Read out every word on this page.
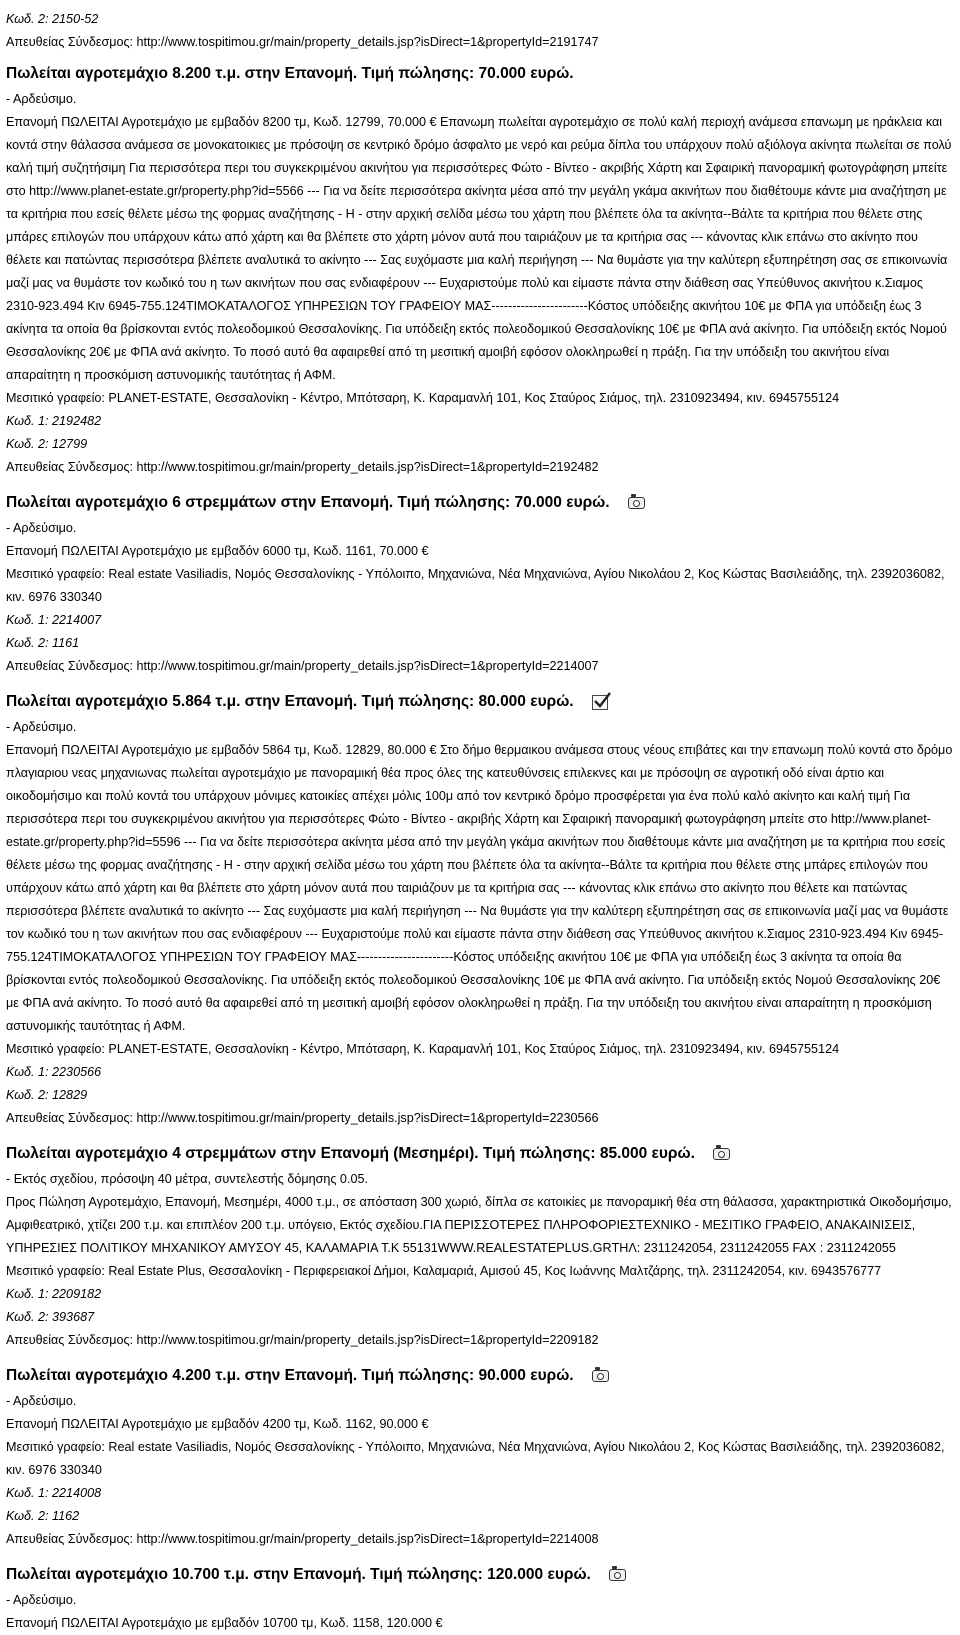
Κωδ. 2: 2150-52
Απευθείας Σύνδεσμος: http://www.tospitimou.gr/main/property_details.jsp?isDirect=1&propertyId=2191747
Πωλείται αγροτεμάχιο 8.200 τ.μ. στην Επανομή. Τιμή πώλησης: 70.000 ευρώ.
- Αρδεύσιμο.
Επανομή ΠΩΛΕΙΤΑΙ Αγροτεμάχιο με εμβαδόν 8200 τμ, Κωδ. 12799, 70.000 € Επανωμη πωλείται αγροτεμάχιο σε πολύ καλή περιοχή ανάμεσα επανωμη με ηράκλεια και κοντά στην θάλασσα ανάμεσα σε μονοκατοικιες με πρόσοψη σε κεντρικό δρόμο άσφαλτο με νερό και ρεύμα δίπλα του υπάρχουν πολύ αξιόλογα ακίνητα πωλείται σε πολύ καλή τιμή συζητήσιμη Για περισσότερα περι του συγκεκριμένου ακινήτου για περισσότερες Φώτο - Βίντεο - ακριβής Χάρτη και Σφαιρική πανοραμική φωτογράφηση μπείτε στο http://www.planet-estate.gr/property.php?id=5566 --- Για να δείτε περισσότερα ακίνητα μέσα από την μεγάλη γκάμα ακινήτων που διαθέτουμε κάντε μια αναζήτηση με τα κριτήρια που εσείς θέλετε μέσω της φορμας αναζήτησης - Η - στην αρχική σελίδα μέσω του χάρτη που βλέπετε όλα τα ακίνητα--Βάλτε τα κριτήρια που θέλετε στης μπάρες επιλογών που υπάρχουν κάτω από χάρτη και θα βλέπετε στο χάρτη μόνον αυτά που ταιριάζουν με τα κριτήρια σας --- κάνοντας κλικ επάνω στο ακίνητο που θέλετε και πατώντας περισσότερα βλέπετε αναλυτικά το ακίνητο --- Σας ευχόμαστε μια καλή περιήγηση --- Να θυμάστε για την καλύτερη εξυπηρέτηση σας σε επικοινωνία μαζί μας να θυμάστε τον κωδικό του η των ακινήτων που σας ενδιαφέρουν --- Ευχαριστούμε πολύ και είμαστε πάντα στην διάθεση σας Υπεύθυνος ακινήτου κ.Σιαμος 2310-923.494 Κιν 6945-755.124ΤΙΜΟΚΑΤΑΛΟΓΟΣ ΥΠΗΡΕΣΙΩΝ ΤΟΥ ΓΡΑΦΕΙΟΥ ΜΑΣ-----------------------Κόστος υπόδειξης ακινήτου 10€ με ΦΠΑ για υπόδειξη έως 3 ακίνητα τα οποία θα βρίσκονται εντός πολεοδομικού Θεσσαλονίκης. Για υπόδειξη εκτός πολεοδομικού Θεσσαλονίκης 10€ με ΦΠΑ ανά ακίνητο. Για υπόδειξη εκτός Νομού Θεσσαλονίκης 20€ με ΦΠΑ ανά ακίνητο. Το ποσό αυτό θα αφαιρεθεί από τη μεσιτική αμοιβή εφόσον ολοκληρωθεί η πράξη. Για την υπόδειξη του ακινήτου είναι απαραίτητη η προσκόμιση αστυνομικής ταυτότητας ή ΑΦΜ.
Μεσιτικό γραφείο: PLANET-ESTATE, Θεσσαλονίκη - Κέντρο, Μπότσαρη, Κ. Καραμανλή 101, Κος Σταύρος Σιάμος, τηλ. 2310923494, κιν. 6945755124
Κωδ. 1: 2192482
Κωδ. 2: 12799
Απευθείας Σύνδεσμος: http://www.tospitimou.gr/main/property_details.jsp?isDirect=1&propertyId=2192482
Πωλείται αγροτεμάχιο 6 στρεμμάτων στην Επανομή. Τιμή πώλησης: 70.000 ευρώ.
- Αρδεύσιμο.
Επανομή ΠΩΛΕΙΤΑΙ Αγροτεμάχιο με εμβαδόν 6000 τμ, Κωδ. 1161, 70.000 €
Μεσιτικό γραφείο: Real estate Vasiliadis, Νομός Θεσσαλονίκης - Υπόλοιπο, Μηχανιώνα, Νέα Μηχανιώνα, Αγίου Νικολάου 2, Κος Κώστας Βασιλειάδης, τηλ. 2392036082, κιν. 6976 330340
Κωδ. 1: 2214007
Κωδ. 2: 1161
Απευθείας Σύνδεσμος: http://www.tospitimou.gr/main/property_details.jsp?isDirect=1&propertyId=2214007
Πωλείται αγροτεμάχιο 5.864 τ.μ. στην Επανομή. Τιμή πώλησης: 80.000 ευρώ.
- Αρδεύσιμο.
Επανομή ΠΩΛΕΙΤΑΙ Αγροτεμάχιο με εμβαδόν 5864 τμ, Κωδ. 12829, 80.000 € Στο δήμο θερμαικου ανάμεσα στους νέους επιβάτες και την επανωμη πολύ κοντά στο δρόμο πλαγιαριου νεας μηχανιωνας πωλείται αγροτεμάχιο με πανοραμική θέα προς όλες της κατευθύνσεις επιλεκνες και με πρόσοψη σε αγροτική οδό είναι άρτιο και οικοδομήσιμο και πολύ κοντά του υπάρχουν μόνιμες κατοικίες απέχει μόλις 100μ από τον κεντρικό δρόμο προσφέρεται για ένα πολύ καλό ακίνητο και καλή τιμή Για περισσότερα περι του συγκεκριμένου ακινήτου για περισσότερες Φώτο - Βίντεο - ακριβής Χάρτη και Σφαιρική πανοραμική φωτογράφηση μπείτε στο http://www.planet-estate.gr/property.php?id=5596 --- Για να δείτε περισσότερα ακίνητα μέσα από την μεγάλη γκάμα ακινήτων που διαθέτουμε κάντε μια αναζήτηση με τα κριτήρια που εσείς θέλετε μέσω της φορμας αναζήτησης - Η - στην αρχική σελίδα μέσω του χάρτη που βλέπετε όλα τα ακίνητα--Βάλτε τα κριτήρια που θέλετε στης μπάρες επιλογών που υπάρχουν κάτω από χάρτη και θα βλέπετε στο χάρτη μόνον αυτά που ταιριάζουν με τα κριτήρια σας --- κάνοντας κλικ επάνω στο ακίνητο που θέλετε και πατώντας περισσότερα βλέπετε αναλυτικά το ακίνητο --- Σας ευχόμαστε μια καλή περιήγηση --- Να θυμάστε για την καλύτερη εξυπηρέτηση σας σε επικοινωνία μαζί μας να θυμάστε τον κωδικό του η των ακινήτων που σας ενδιαφέρουν --- Ευχαριστούμε πολύ και είμαστε πάντα στην διάθεση σας Υπεύθυνος ακινήτου κ.Σιαμος 2310-923.494 Κιν 6945-755.124ΤΙΜΟΚΑΤΑΛΟΓΟΣ ΥΠΗΡΕΣΙΩΝ ΤΟΥ ΓΡΑΦΕΙΟΥ ΜΑΣ-----------------------Κόστος υπόδειξης ακινήτου 10€ με ΦΠΑ για υπόδειξη έως 3 ακίνητα τα οποία θα βρίσκονται εντός πολεοδομικού Θεσσαλονίκης. Για υπόδειξη εκτός πολεοδομικού Θεσσαλονίκης 10€ με ΦΠΑ ανά ακίνητο. Για υπόδειξη εκτός Νομού Θεσσαλονίκης 20€ με ΦΠΑ ανά ακίνητο. Το ποσό αυτό θα αφαιρεθεί από τη μεσιτική αμοιβή εφόσον ολοκληρωθεί η πράξη. Για την υπόδειξη του ακινήτου είναι απαραίτητη η προσκόμιση αστυνομικής ταυτότητας ή ΑΦΜ.
Μεσιτικό γραφείο: PLANET-ESTATE, Θεσσαλονίκη - Κέντρο, Μπότσαρη, Κ. Καραμανλή 101, Κος Σταύρος Σιάμος, τηλ. 2310923494, κιν. 6945755124
Κωδ. 1: 2230566
Κωδ. 2: 12829
Απευθείας Σύνδεσμος: http://www.tospitimou.gr/main/property_details.jsp?isDirect=1&propertyId=2230566
Πωλείται αγροτεμάχιο 4 στρεμμάτων στην Επανομή (Μεσημέρι). Τιμή πώλησης: 85.000 ευρώ.
- Εκτός σχεδίου, πρόσοψη 40 μέτρα, συντελεστής δόμησης 0.05.
Προς Πώληση Αγροτεμάχιο, Επανομή, Μεσημέρι, 4000 τ.μ., σε απόσταση 300 χωριό, δίπλα σε κατοικίες με πανοραμική θέα στη θάλασσα, χαρακτηριστικά Οικοδομήσιμο, Αμφιθεατρικό, χτίζει 200 τ.μ. και επιπλέον 200 τ.μ. υπόγειο, Εκτός σχεδίου.ΓΙΑ ΠΕΡΙΣΣΟΤΕΡΕΣ ΠΛΗΡΟΦΟΡΙΕΣΤΕΧΝΙΚΟ - ΜΕΣΙΤΙΚΟ ΓΡΑΦΕΙΟ, ΑΝΑΚΑΙΝΙΣΕΙΣ, ΥΠΗΡΕΣΙΕΣ ΠΟΛΙΤΙΚΟΥ ΜΗΧΑΝΙΚΟΥ ΑΜΥΣΟΥ 45, ΚΑΛΑΜΑΡΙΑ Τ.Κ 55131WWW.REALESTATEPLUS.GRΤΗΛ: 2311242054, 2311242055 FAX : 2311242055
Μεσιτικό γραφείο: Real Estate Plus, Θεσσαλονίκη - Περιφερειακοί Δήμοι, Καλαμαριά, Αμισού 45, Κος Ιωάννης Μαλτζάρης, τηλ. 2311242054, κιν. 6943576777
Κωδ. 1: 2209182
Κωδ. 2: 393687
Απευθείας Σύνδεσμος: http://www.tospitimou.gr/main/property_details.jsp?isDirect=1&propertyId=2209182
Πωλείται αγροτεμάχιο 4.200 τ.μ. στην Επανομή. Τιμή πώλησης: 90.000 ευρώ.
- Αρδεύσιμο.
Επανομή ΠΩΛΕΙΤΑΙ Αγροτεμάχιο με εμβαδόν 4200 τμ, Κωδ. 1162, 90.000 €
Μεσιτικό γραφείο: Real estate Vasiliadis, Νομός Θεσσαλονίκης - Υπόλοιπο, Μηχανιώνα, Νέα Μηχανιώνα, Αγίου Νικολάου 2, Κος Κώστας Βασιλειάδης, τηλ. 2392036082, κιν. 6976 330340
Κωδ. 1: 2214008
Κωδ. 2: 1162
Απευθείας Σύνδεσμος: http://www.tospitimou.gr/main/property_details.jsp?isDirect=1&propertyId=2214008
Πωλείται αγροτεμάχιο 10.700 τ.μ. στην Επανομή. Τιμή πώλησης: 120.000 ευρώ.
- Αρδεύσιμο.
Επανομή ΠΩΛΕΙΤΑΙ Αγροτεμάχιο με εμβαδόν 10700 τμ, Κωδ. 1158, 120.000 €
